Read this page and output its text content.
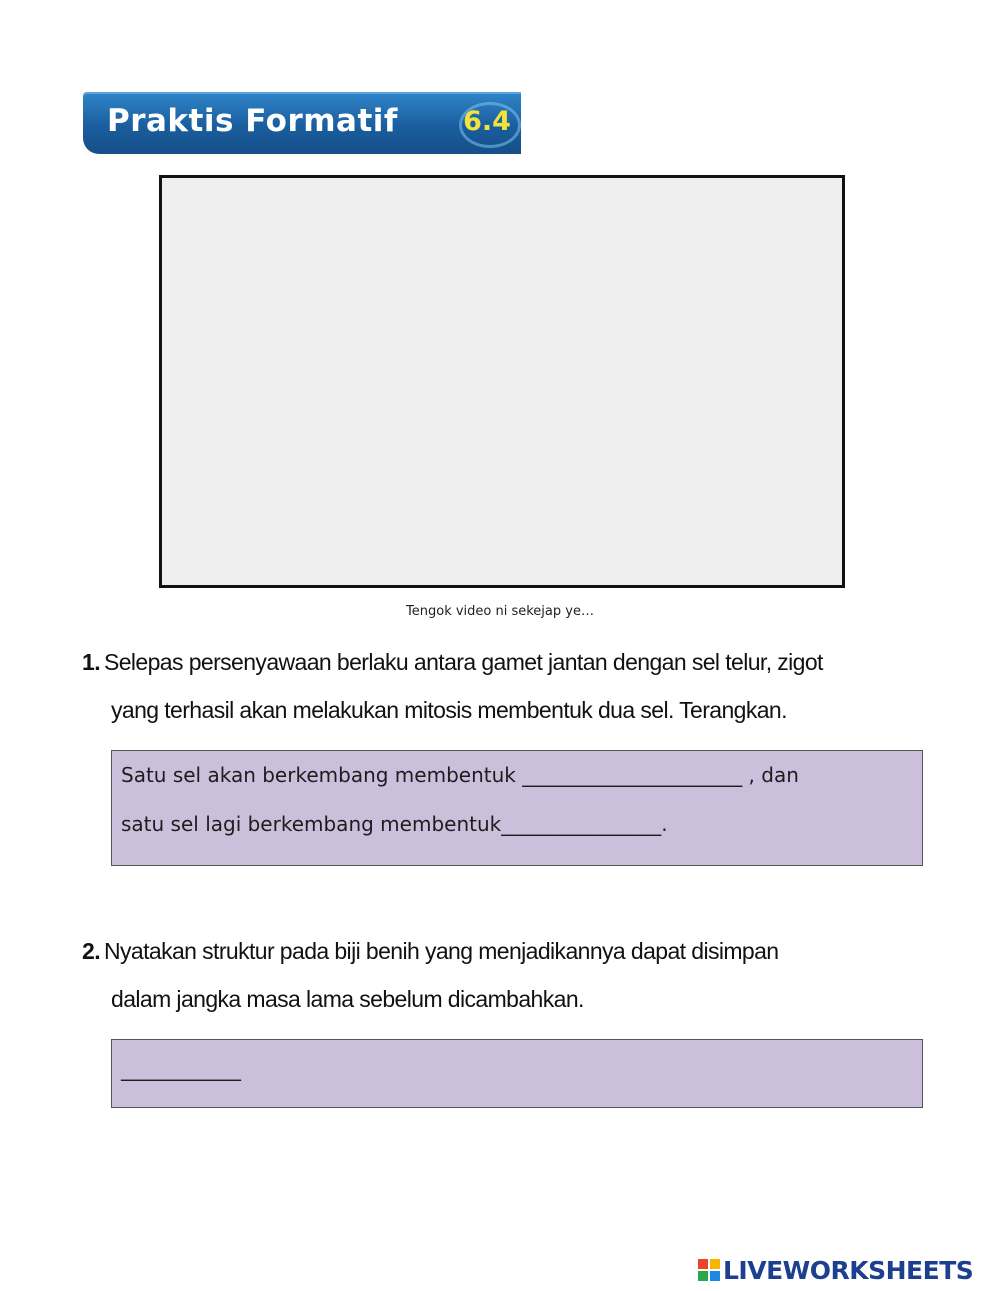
Praktis Formatif 6.4
Tengok video ni sekejap ye…
1. Selepas persenyawaan berlaku antara gamet jantan dengan sel telur, zigot
yang terhasil akan melakukan mitosis membentuk dua sel. Terangkan.

Satu sel akan berkembang membentuk ______________________ , dan

satu sel lagi berkembang membentuk________________.

2. Nyatakan struktur pada biji benih yang menjadikannya dapat disimpan
dalam jangka masa lama sebelum dicambahkan.

____________

LIVEWORKSHEETS
